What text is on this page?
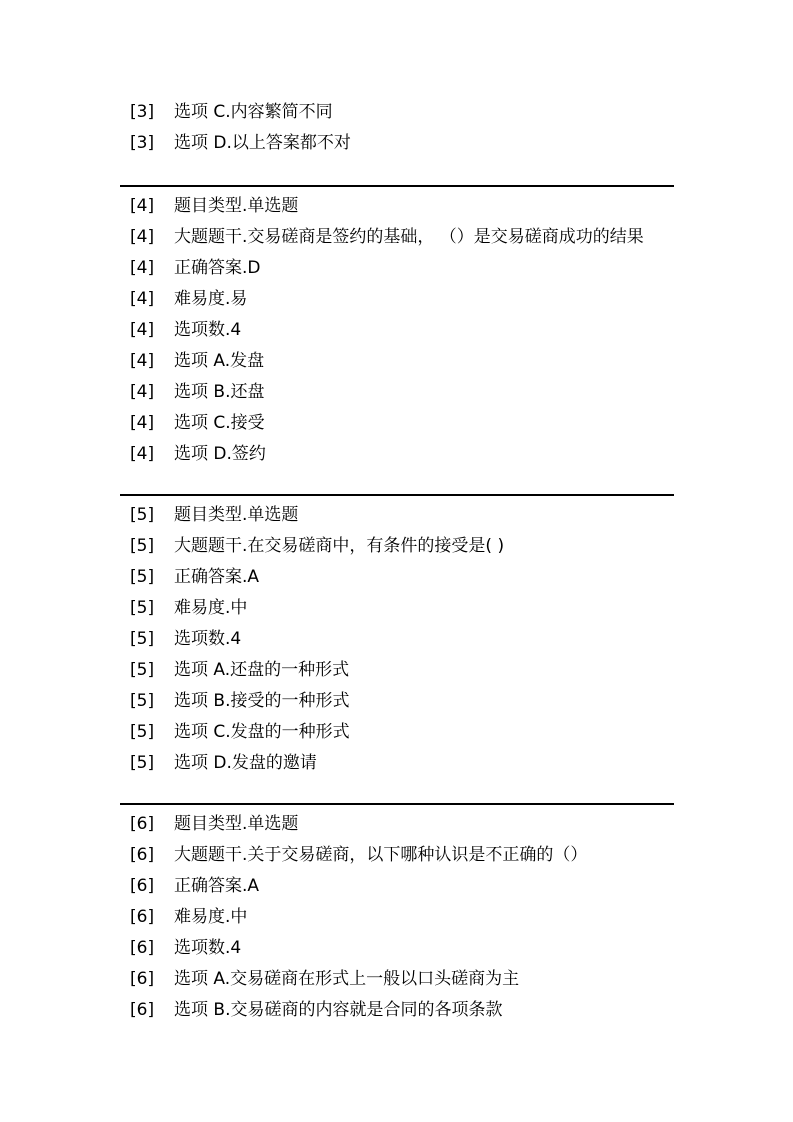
[3] 选项 C.内容繁简不同
[3] 选项 D.以上答案都不对
[4] 题目类型.单选题
[4] 大题题干.交易磋商是签约的基础， （）是交易磋商成功的结果
[4] 正确答案.D
[4] 难易度.易
[4] 选项数.4
[4] 选项 A.发盘
[4] 选项 B.还盘
[4] 选项 C.接受
[4] 选项 D.签约
[5] 题目类型.单选题
[5] 大题题干.在交易磋商中，有条件的接受是( )
[5] 正确答案.A
[5] 难易度.中
[5] 选项数.4
[5] 选项 A.还盘的一种形式
[5] 选项 B.接受的一种形式
[5] 选项 C.发盘的一种形式
[5] 选项 D.发盘的邀请
[6] 题目类型.单选题
[6] 大题题干.关于交易磋商，以下哪种认识是不正确的（）
[6] 正确答案.A
[6] 难易度.中
[6] 选项数.4
[6] 选项 A.交易磋商在形式上一般以口头磋商为主
[6] 选项 B.交易磋商的内容就是合同的各项条款
